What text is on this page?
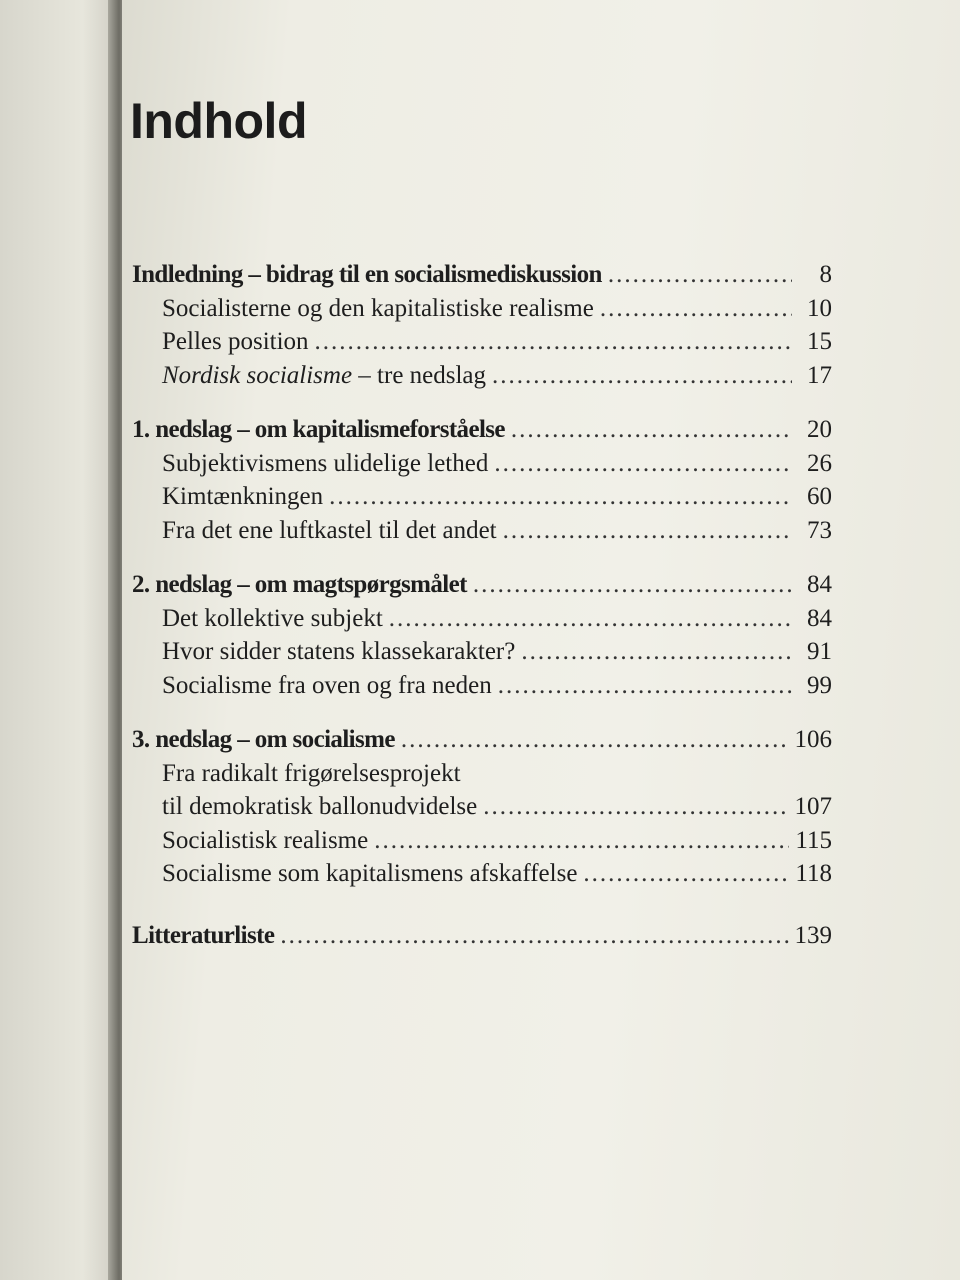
Indhold
Indledning – bidrag til en socialismediskussion .....	8
Socialisterne og den kapitalistiske realisme .....	10
Pelles position .....	15
Nordisk socialisme – tre nedslag .....	17
1. nedslag – om kapitalismeforståelse .....	20
Subjektivismens ulidelige lethed .....	26
Kimtænkningen .....	60
Fra det ene luftkastel til det andet .....	73
2. nedslag – om magtspørgsmålet .....	84
Det kollektive subjekt .....	84
Hvor sidder statens klassekarakter? .....	91
Socialisme fra oven og fra neden .....	99
3. nedslag – om socialisme .....	106
Fra radikalt frigørelsesprojekt
til demokratisk ballonudvidelse .....	107
Socialistisk realisme .....	115
Socialisme som kapitalismens afskaffelse .....	118
Litteraturliste .....	139
